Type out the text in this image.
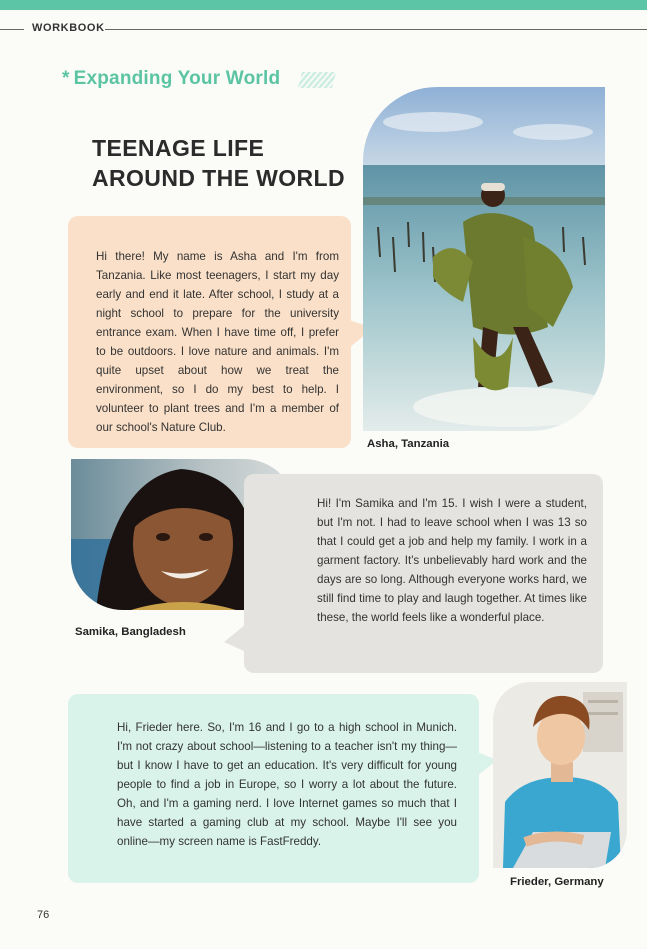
WORKBOOK
* Expanding Your World
TEENAGE LIFE
AROUND THE WORLD

Hi there! My name is Asha and I'm from Tanzania. Like most teenagers, I start my day early and end it late. After school, I study at a night school to prepare for the university entrance exam. When I have time off, I prefer to be outdoors. I love nature and animals. I'm quite upset about how we treat the environment, so I do my best to help. I volunteer to plant trees and I'm a member of our school's Nature Club.

Asha, Tanzania

Hi! I'm Samika and I'm 15. I wish I were a student, but I'm not. I had to leave school when I was 13 so that I could get a job and help my family. I work in a garment factory. It's unbelievably hard work and the days are so long. Although everyone works hard, we still find time to play and laugh together. At times like these, the world feels like a wonderful place.

Samika, Bangladesh

Hi, Frieder here. So, I'm 16 and I go to a high school in Munich. I'm not crazy about school—listening to a teacher isn't my thing—but I know I have to get an education. It's very difficult for young people to find a job in Europe, so I worry a lot about the future. Oh, and I'm a gaming nerd. I love Internet games so much that I have started a gaming club at my school. Maybe I'll see you online—my screen name is FastFreddy.

Frieder, Germany
76
